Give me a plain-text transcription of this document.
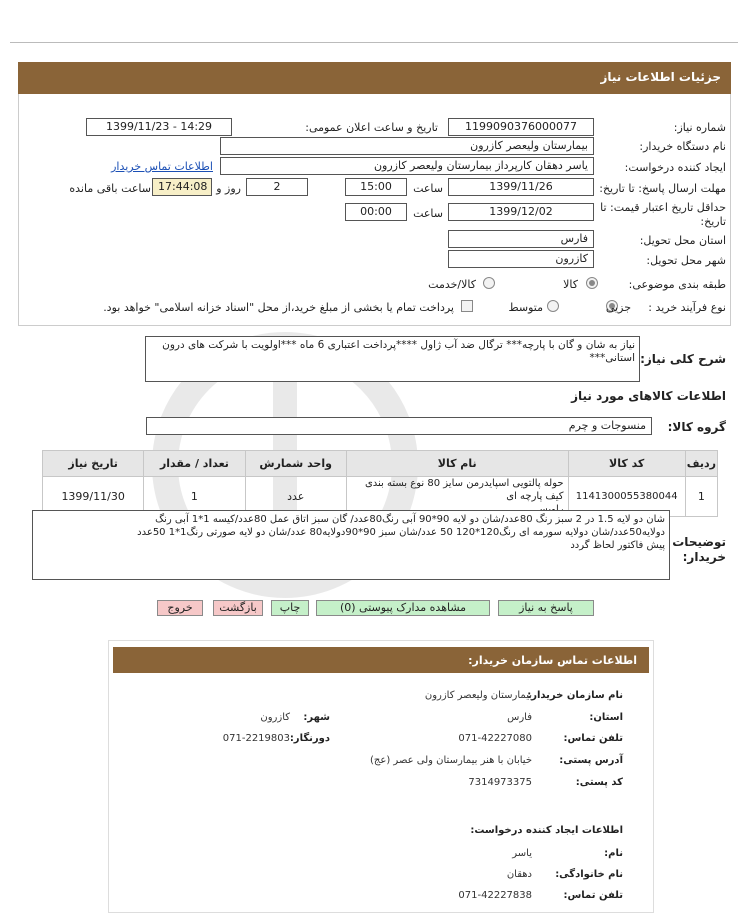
جزئیات اطلاعات نیاز
شماره نیاز:
1199090376000077
تاریخ و ساعت اعلان عمومی:
1399/11/23 - 14:29
نام دستگاه خریدار:
بیمارستان ولیعصر کازرون
ایجاد کننده درخواست:
یاسر دهقان کارپرداز بیمارستان ولیعصر کازرون
اطلاعات تماس خریدار
مهلت ارسال پاسخ: تا تاریخ:
1399/11/26
ساعت
15:00
2
روز و
17:44:08
ساعت باقی مانده
حداقل تاریخ اعتبار قیمت: تا
تاریخ:
1399/12/02
ساعت
00:00
استان محل تحویل:
فارس
شهر محل تحویل:
کازرون
طبقه بندی موضوعی:
کالا
کالا/خدمت
نوع فرآیند خرید :
جزیی
متوسط
پرداخت تمام یا بخشی از مبلغ خرید،از محل "اسناد خزانه اسلامی" خواهد بود.
شرح کلی نیاز:
نیاز به شان و گان با پارچه*** ترگال ضد آب ژاول ****پرداخت اعتباری 6 ماه ***اولویت با شرکت های درون
استانی***
اطلاعات کالاهای مورد نیاز
گروه کالا:
منسوجات و چرم
ردیف	کد کالا	نام کالا	واحد شمارش	تعداد / مقدار	تاریخ نیاز
1	1141300055380044	حوله پالتویی اسپایدرمن سایز 80 نوع بسته بندی کیف پارچه ای	عدد	1	1399/11/30
توضیحات
خریدار:
شان دو لایه 1.5 در 2 سبز رنگ 80عدد/شان دو لایه 90*90 آبی رنگ80عدد/ گان سبز اتاق عمل 80عدد/کیسه 1*1 آبی رنگ
دولایه50عدد/شان دولایه سورمه ای رنگ120*120 50 عدد/شان سبز 90*90دولایه80 عدد/شان دو لایه صورتی رنگ1*1 50عدد
پیش فاکتور لحاظ گردد
پاسخ به نیاز
مشاهده مدارک پیوستی (0)
چاپ
بازگشت
خروج
اطلاعات تماس سازمان خریدار:
نام سازمان خریدار:
بیمارستان ولیعصر کازرون
استان:
فارس
شهر:
کازرون
تلفن تماس:
071-42227080
دورنگار:
071-2219803
آدرس پستی:
خیابان با هنر بیمارستان ولی عصر (عج)
کد پستی:
7314973375
اطلاعات ایجاد کننده درخواست:
نام:
یاسر
نام خانوادگی:
دهقان
تلفن تماس:
071-42227838
